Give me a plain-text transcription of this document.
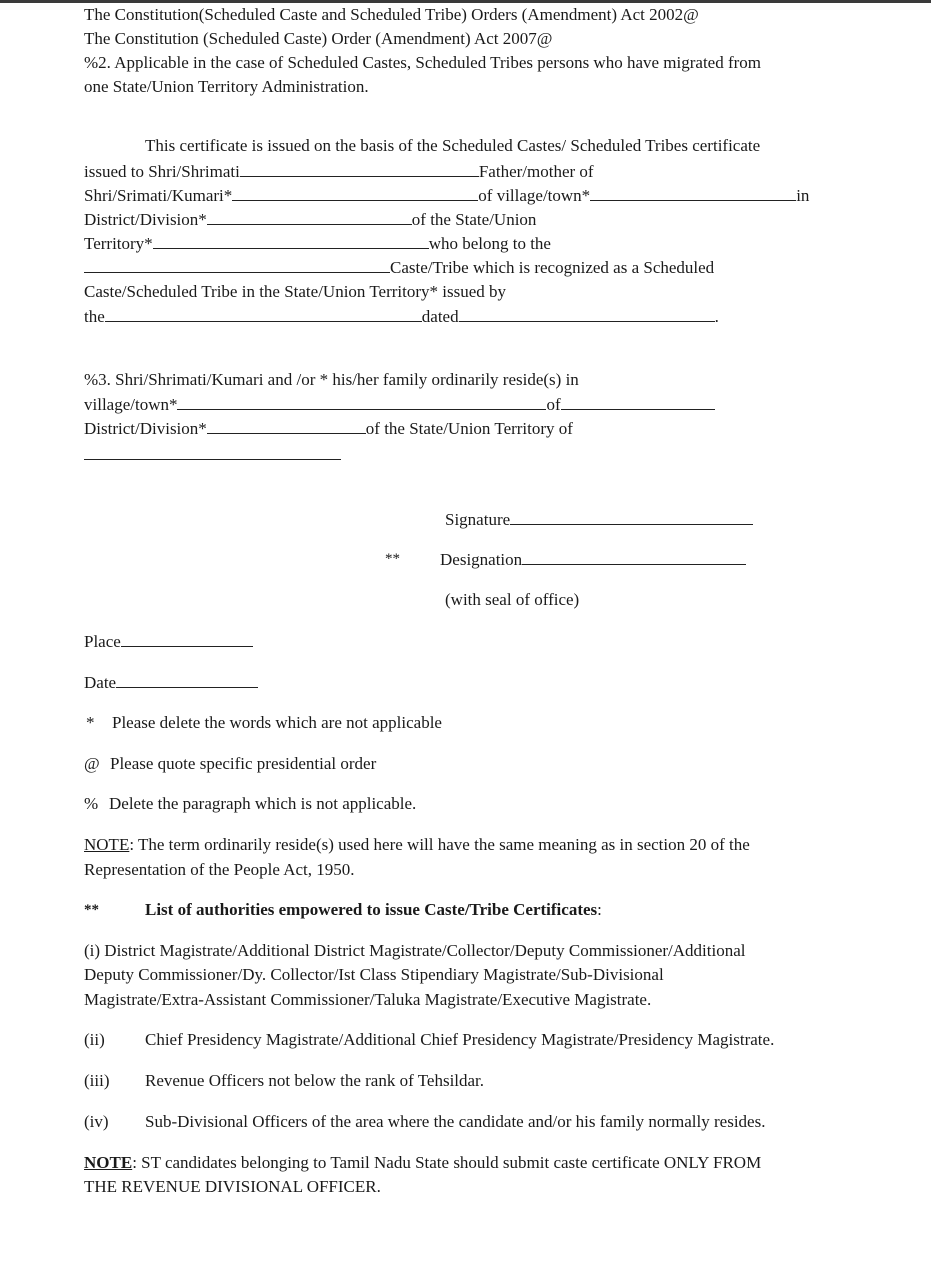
The Constitution(Scheduled Caste and Scheduled Tribe) Orders (Amendment) Act 2002@
The Constitution (Scheduled Caste) Order (Amendment) Act 2007@
%2. Applicable in the case of Scheduled Castes, Scheduled Tribes persons who have migrated from
one State/Union Territory Administration.
This certificate is issued on the basis of the Scheduled Castes/ Scheduled Tribes certificate
issued to Shri/Shrimati	Father/mother of
Shri/Srimati/Kumari*	of village/town*	in
District/Division*	of the State/Union
Territory*	who belong to the
Caste/Tribe which is recognized as a Scheduled
Caste/Scheduled Tribe in the State/Union Territory* issued by
the	dated	.
%3. Shri/Shrimati/Kumari and /or * his/her family ordinarily reside(s) in
village/town*	of
District/Division*	of the State/Union Territory of
Signature
** Designation
(with seal of office)
Place
Date
* Please delete the words which are not applicable
@ Please quote specific presidential order
% Delete the paragraph which is not applicable.
NOTE: The term ordinarily reside(s) used here will have the same meaning as in section 20 of the
Representation of the People Act, 1950.
**	List of authorities empowered to issue Caste/Tribe Certificates:
(i) District Magistrate/Additional District Magistrate/Collector/Deputy Commissioner/Additional
Deputy Commissioner/Dy. Collector/Ist Class Stipendiary Magistrate/Sub-Divisional
Magistrate/Extra-Assistant Commissioner/Taluka Magistrate/Executive Magistrate.
(ii) Chief Presidency Magistrate/Additional Chief Presidency Magistrate/Presidency Magistrate.
(iii) Revenue Officers not below the rank of Tehsildar.
(iv) Sub-Divisional Officers of the area where the candidate and/or his family normally resides.
NOTE: ST candidates belonging to Tamil Nadu State should submit caste certificate ONLY FROM
THE REVENUE DIVISIONAL OFFICER.
